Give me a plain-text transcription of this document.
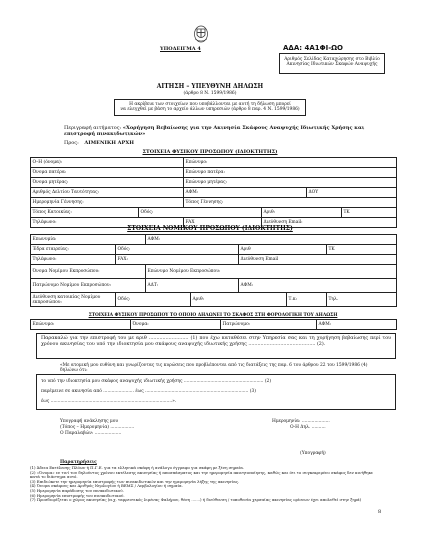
ΥΠΟΔΕΙΓΜΑ 4	ΑΔΑ: 4Α1ΦΙ-ΩΟ
Αριθμός Σελίδας Καταχώρησης στο Βιβλίο
Ακινησίας Ιδιωτικών Σκαφών Αναψυχής
ΑΙΤΗΣΗ – ΥΠΕΥΘΥΝΗ ΔΗΛΩΣΗ
(άρθρο 8 Ν. 1599/1986)
Η ακρίβεια των στοιχείων που υποβάλλονται με αυτή τη δήλωση μπορεί
να ελεγχθεί με βάση το αρχείο άλλων υπηρεσιών (άρθρο 8 παρ. 4 Ν. 1599/1986)
Περιγραφή αιτήματος: «Χορήγηση Βεβαίωσης για την Ακινησία Σκάφους Αναψυχής Ιδιωτικής Χρήσης και επιστροφή πινακιδωτικών»
Προς: ΛΙΜΕΝΙΚΗ ΑΡΧΗ
ΣΤΟΙΧΕΙΑ ΦΥΣΙΚΟΥ ΠΡΟΣΩΠΟΥ (ΙΔΙΟΚΤΗΤΗΣ)
Ο–Η (όνομα):		Επώνυμο:			
Όνομα πατέρα:		Επώνυμο πατέρα:			
Όνομα μητέρας:		Επώνυμο μητέρας:			
Αριθμός Δελτίου Ταυτότητας:		ΑΦΜ:		ΔΟΥ	
Ημερομηνία Γέννησης:		Τόπος Γέννησης:			
Τόπος Κατοικίας:	Οδός:		Αριθ:		ΤΚ
Τηλέφωνο:		FAX	Διεύθυνση Email:		
ΣΤΟΙΧΕΙΑ ΝΟΜΙΚΟΥ ΠΡΟΣΩΠΟΥ (ΙΔΙΟΚΤΗΤΗΣ)
Επωνυμία:		ΑΦΜ:				
Έδρα εταιρείας:	Οδός:			Αριθ		ΤΚ
Τηλέφωνο:	FAX:			Διεύθυνση Email		
Όνομα Νομίμου Εκπροσώπου:		Επώνυμο Νομίμου Εκπροσώπου:				
Πατρώνυμο Νομίμου Εκπροσώπου:		ΑΔΤ:		ΑΦΜ:		
Διεύθυνση κατοικίας Νομίμου εκπροσώπου:	Οδός:		Αριθ:		Τ.κ:	Τηλ.
ΣΤΟΙΧΕΙΑ ΦΥΣΙΚΟΥ ΠΡΟΣΩΠΟΥ ΤΟ ΟΠΟΙΟ ΔΗΛΩΝΕΙ ΤΟ ΣΚΑΦΟΣ ΣΤΗ ΦΟΡΟΛΟΓΙΚΗ ΤΟΥ ΔΗΛΩΣΗ
Επώνυμο:	Όνομα:	Πατρώνυμο:	ΑΦΜ:
Παρακαλώ για την επιστροφή του με αριθ .......................... (1) που έχω καταθέσει στην Υπηρεσία σας και τη χορήγηση βεβαίωσης περί του χρόνου ακινησίας του υπό την ιδιοκτησία μου σκάφους αναψυχής ιδιωτικής χρήσης ............................................ (2).
«Με ατομική μου ευθύνη και γνωρίζοντας τις κυρώσεις που προβλέπονται από τις διατάξεις της παρ. 6 του άρθρου 22 του 1599/1986 (4) δηλώνω ότι:
το υπό την ιδιοκτησία μου σκάφος αναψυχής ιδιωτικής χρήσης ......................................................... (2)
παρέμεινε σε ακινησία από ...................... έως .......................................................................... (3)
έως .......................................................................................».
Υπογραφή ανάκλησης μου
(Τόπος – Ημερομηνία) .................
Ο Παραλαβών: ...................
Ημερομηνία: ....................
Ο-Η Δηλ. ..........
(Υπογραφή)
Παρατηρήσεις
(1) Άδεια Εκτέλεσης Πλόων ή Π.Γ.Ε. για τα ελληνικά σκάφη ή ανάλογο έγγραφο για σκάφη με ξένη σημαία.
(2) «Όνομα» εν τινί του δηλούντος χρόνου εκτέλεσης ακινησίας ή αποσπάσματος και την ημερομηνία ακινητοποίησης, καθώς και ότι το συγκεκριμένο σκάφος δεν κινήθηκε κατά το διάστημα αυτό.
(3) Επιδιώκετε την ημερομηνία επιστροφής των πινακιδωτικών και την ημερομηνία λήξης της ακινησίας.
(4) Όνομα σκάφους και Αριθμός Νηολογίου ή ΒΕΜΣ / Λεμβολογίου ή σημαία.
(5) Ημερομηνία παράδοσης του πινακιδωτικού.
(6) Ημερομηνία επιστροφής του πινακιδωτικού.
(7) Προσδιορίζεται ο χώρος ακινησίας (π.χ. ταμρευτικός λιμένας Φαλήρου, θέση .......) ή διεύθυνση / τοποθεσία χερσαίας ακινησίας ορίσεων έχει απολυθεί στην ξηρά)
8
